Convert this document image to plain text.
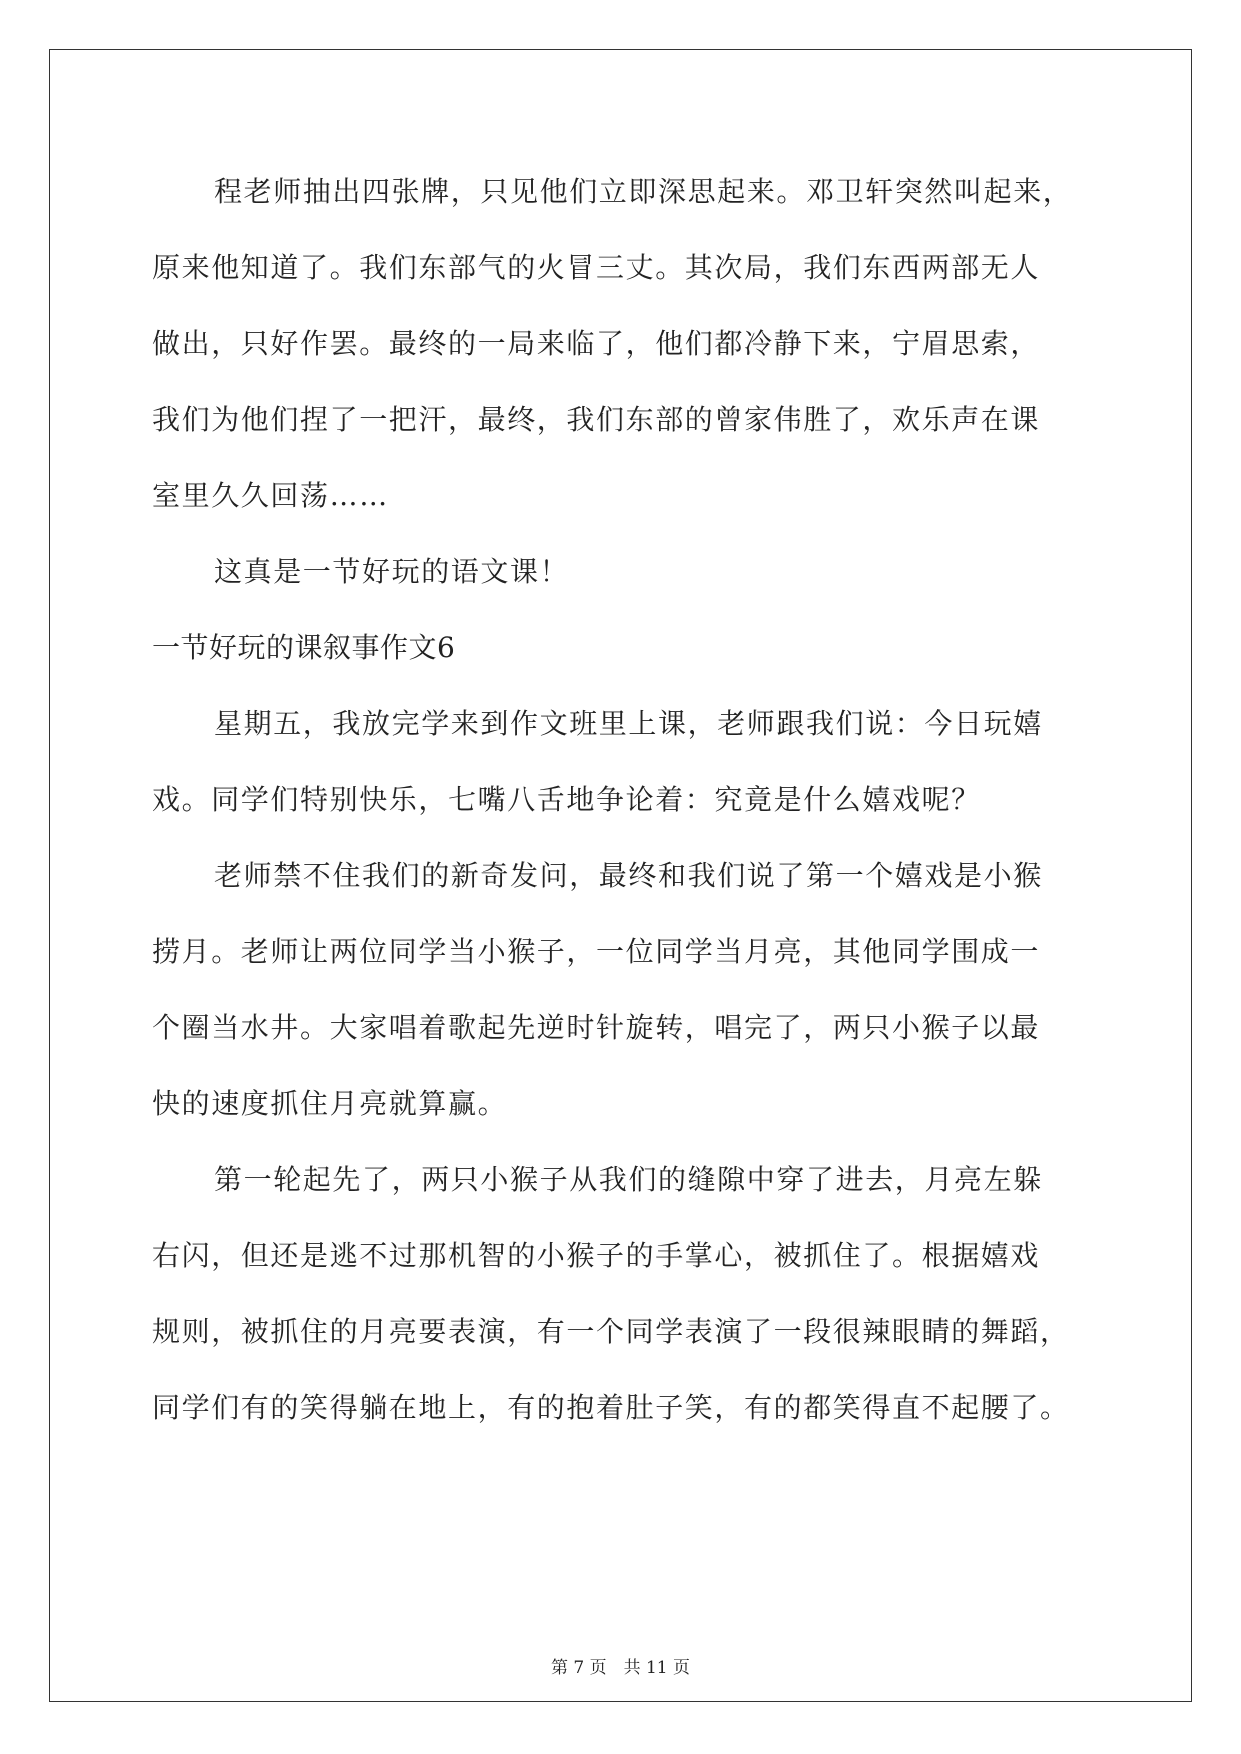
程老师抽出四张牌，只见他们立即深思起来。邓卫轩突然叫起来，
原来他知道了。我们东部气的火冒三丈。其次局，我们东西两部无人
做出，只好作罢。最终的一局来临了，他们都冷静下来，宁眉思索，
我们为他们捏了一把汗，最终，我们东部的曾家伟胜了，欢乐声在课
室里久久回荡……
这真是一节好玩的语文课！
一节好玩的课叙事作文6
星期五，我放完学来到作文班里上课，老师跟我们说：今日玩嬉
戏。同学们特别快乐，七嘴八舌地争论着：究竟是什么嬉戏呢？
老师禁不住我们的新奇发问，最终和我们说了第一个嬉戏是小猴
捞月。老师让两位同学当小猴子，一位同学当月亮，其他同学围成一
个圈当水井。大家唱着歌起先逆时针旋转，唱完了，两只小猴子以最
快的速度抓住月亮就算赢。
第一轮起先了，两只小猴子从我们的缝隙中穿了进去，月亮左躲
右闪，但还是逃不过那机智的小猴子的手掌心，被抓住了。根据嬉戏
规则，被抓住的月亮要表演，有一个同学表演了一段很辣眼睛的舞蹈，
同学们有的笑得躺在地上，有的抱着肚子笑，有的都笑得直不起腰了。
第 7 页　共 11 页
